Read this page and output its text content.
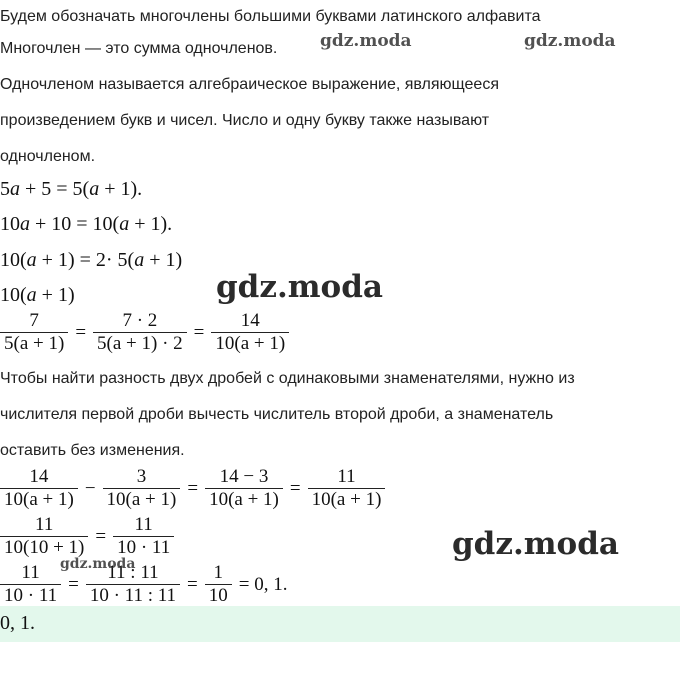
Будем обозначать многочлены большими буквами латинского алфавита
Многочлен — это сумма одночленов.
Одночленом называется алгебраическое выражение, являющееся
произведением букв и чисел. Число и одну букву также называют
одночленом.
5a + 5 = 5(a + 1).
10a + 10 = 10(a + 1).
10(a + 1) = 2· 5(a + 1)
10(a + 1)
$\frac{7}{5(a + 1)} = \frac{7 \cdot 2}{5(a + 1) \cdot 2} = \frac{14}{10(a + 1)}$
Чтобы найти разность двух дробей с одинаковыми знаменателями, нужно из
числителя первой дроби вычесть числитель второй дроби, а знаменатель
оставить без изменения.
$\frac{14}{10(a + 1)} - \frac{3}{10(a + 1)} = \frac{14 - 3}{10(a + 1)} = \frac{11}{10(a + 1)}$
$\frac{11}{10(10 + 1)} = \frac{11}{10 \cdot 11}$
$\frac{11}{10 \cdot 11} = \frac{11 : 11}{10 \cdot 11 : 11} = \frac{1}{10} = 0$, 1.
0, 1.
gdz.moda	gdz.moda
gdz.moda
gdz.moda
gdz.moda
